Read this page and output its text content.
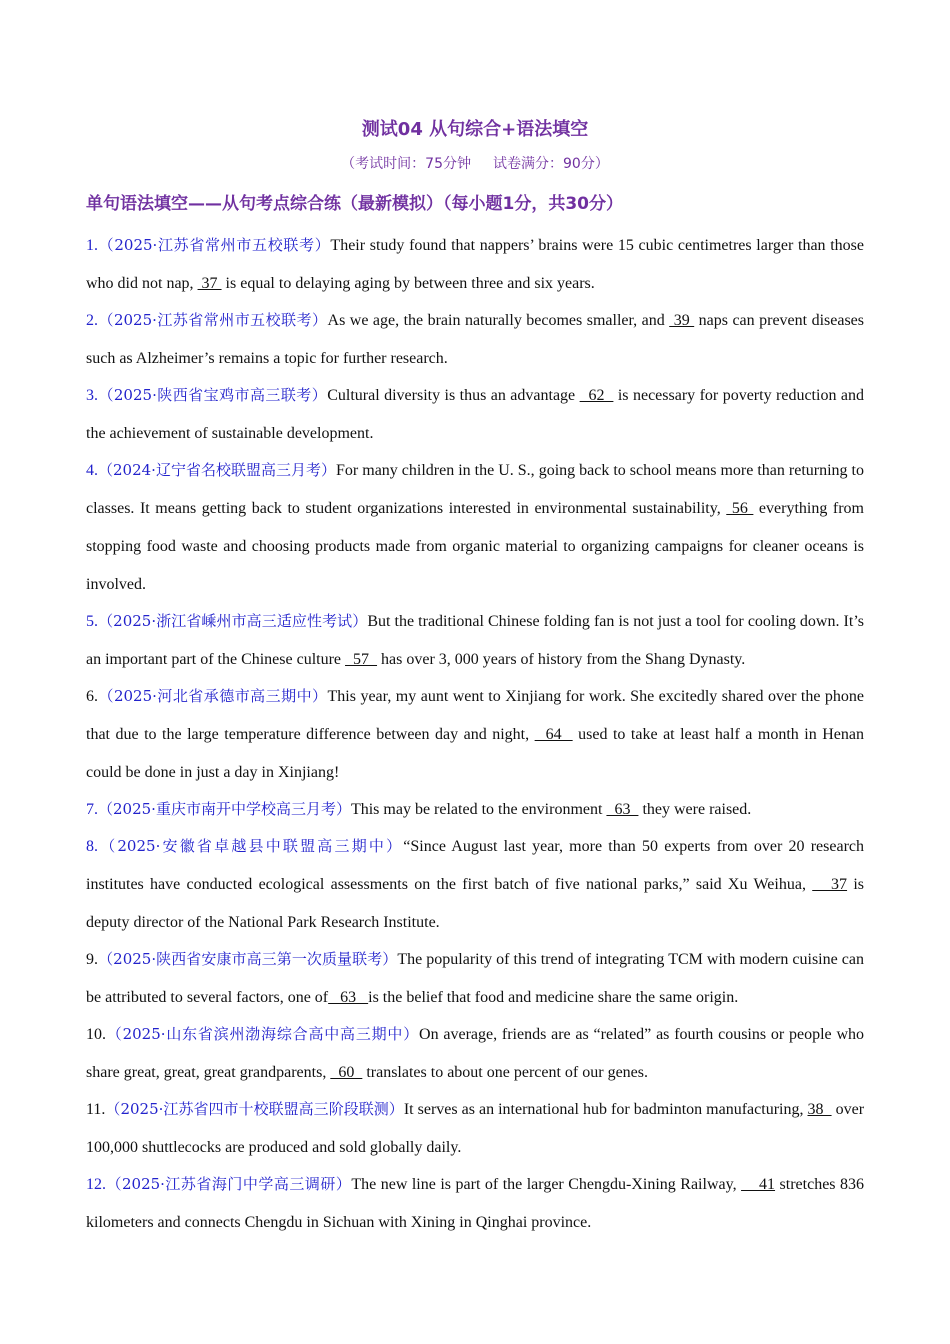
测试04 从句综合+语法填空
（考试时间：75分钟 试卷满分：90分）
单句语法填空——从句考点综合练（最新模拟）（每小题1分，共30分）
1.（2025·江苏省常州市五校联考）Their study found that nappers’ brains were 15 cubic centimetres larger than those who did not nap,  37  is equal to delaying aging by between three and six years.
2.（2025·江苏省常州市五校联考）As we age, the brain naturally becomes smaller, and  39  naps can prevent diseases such as Alzheimer’s remains a topic for further research.
3.（2025·陕西省宝鸡市高三联考）Cultural diversity is thus an advantage   62   is necessary for poverty reduction and the achievement of sustainable development.
4.（2024·辽宁省名校联盟高三月考）For many children in the U. S., going back to school means more than returning to classes. It means getting back to student organizations interested in environmental sustainability,  56  everything from stopping food waste and choosing products made from organic material to organizing campaigns for cleaner oceans is involved.
5.（2025·浙江省嵊州市高三适应性考试）But the traditional Chinese folding fan is not just a tool for cooling down. It’s an important part of the Chinese culture   57   has over 3, 000 years of history from the Shang Dynasty.
6.（2025·河北省承德市高三期中）This year, my aunt went to Xinjiang for work. She excitedly shared over the phone that due to the large temperature difference between day and night,   64   used to take at least half a month in Henan could be done in just a day in Xinjiang!
7.（2025·重庆市南开中学校高三月考）This may be related to the environment   63   they were raised.
8.（2025·安徽省卓越县中联盟高三期中）“Since August last year, more than 50 experts from over 20 research institutes have conducted ecological assessments on the first batch of five national parks,” said Xu Weihua,    37 is deputy director of the National Park Research Institute.
9.（2025·陕西省安康市高三第一次质量联考）The popularity of this trend of integrating TCM with modern cuisine can be attributed to several factors, one of   63   is the belief that food and medicine share the same origin.
10.（2025·山东省滨州渤海综合高中高三期中）On average, friends are as “related” as fourth cousins or people who share great, great, great grandparents,   60   translates to about one percent of our genes.
11.（2025·江苏省四市十校联盟高三阶段联测）It serves as an international hub for badminton manufacturing, 38   over 100,000 shuttlecocks are produced and sold globally daily.
12.（2025·江苏省海门中学高三调研）The new line is part of the larger Chengdu-Xining Railway,     41 stretches 836 kilometers and connects Chengdu in Sichuan with Xining in Qinghai province.
